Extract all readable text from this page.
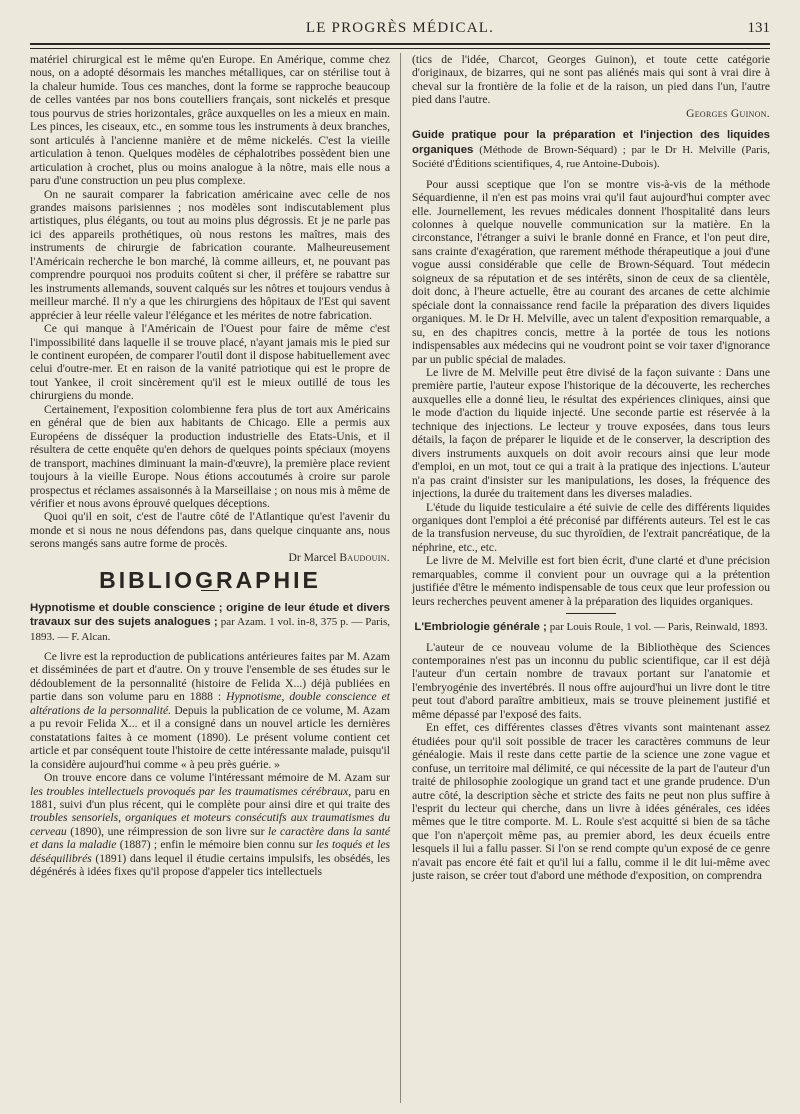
LE PROGRÈS MÉDICAL.	131

matériel chirurgical est le même qu'en Europe. En Amérique, comme chez nous, on a adopté désormais les manches métalliques, car on stérilise tout à la chaleur humide. Tous ces manches, dont la forme se rapproche beaucoup de celles vantées par nos bons coutelliers français, sont nickelés et presque tous pourvus de stries horizontales, grâce auxquelles on les a mieux en main. Les pinces, les ciseaux, etc., en somme tous les instruments à deux branches, sont articulés à l'ancienne manière et de même nickelés. C'est la vieille articulation à tenon. Quelques modèles de céphalotribes possèdent bien une articulation à crochet, plus ou moins analogue à la nôtre, mais elle nous a paru d'une construction un peu plus complexe.

On ne saurait comparer la fabrication américaine avec celle de nos grandes maisons parisiennes ; nos modèles sont indiscutablement plus artistiques, plus élégants, ou tout au moins plus dégrossis. Et je ne parle pas ici des appareils prothétiques, où nous restons les maîtres, mais des instruments de chirurgie de fabrication courante. Malheureusement l'Américain recherche le bon marché, là comme ailleurs, et, ne pouvant pas comprendre pourquoi nos produits coûtent si cher, il préfère se rabattre sur les instruments allemands, souvent calqués sur les nôtres et toujours vendus à meilleur marché. Il n'y a que les chirurgiens des hôpitaux de l'Est qui savent apprécier à leur réelle valeur l'élégance et les mérites de notre fabrication.

Ce qui manque à l'Américain de l'Ouest pour faire de même c'est l'impossibilité dans laquelle il se trouve placé, n'ayant jamais mis le pied sur le continent européen, de comparer l'outil dont il dispose habituellement avec celui d'outre-mer. Et en raison de la vanité patriotique qui est le propre de tout Yankee, il croit sincèrement qu'il est le mieux outillé de tous les chirurgiens du monde.

Certainement, l'exposition colombienne fera plus de tort aux Américains en général que de bien aux habitants de Chicago. Elle a permis aux Européens de disséquer la production industrielle des Etats-Unis, et il résultera de cette enquête qu'en dehors de quelques points spéciaux (moyens de transport, machines diminuant la main-d'œuvre), la première place revient toujours à la vieille Europe. Nous étions accoutumés à croire sur parole prospectus et réclames assaisonnés à la Marseillaise ; on nous mis à même de vérifier et nous avons éprouvé quelques déceptions.

Quoi qu'il en soit, c'est de l'autre côté de l'Atlantique qu'est l'avenir du monde et si nous ne nous défendons pas, dans quelque cinquante ans, nous serons mangés sans autre forme de procès.

Dr Marcel Baudouin.

BIBLIOGRAPHIE
Hypnotisme et double conscience ; origine de leur étude et divers travaux sur des sujets analogues ; par Azam. 1 vol. in-8, 375 p. — Paris, 1893. — F. Alcan.

Ce livre est la reproduction de publications antérieures faites par M. Azam et disséminées de part et d'autre. On y trouve l'ensemble de ses études sur le dédoublement de la personnalité (histoire de Felida X...) déjà publiées en partie dans son volume paru en 1888 : Hypnotisme, double conscience et altérations de la personnalité. Depuis la publication de ce volume, M. Azam a pu revoir Felida X... et il a consigné dans un nouvel article les dernières constatations faites à ce moment (1890). Le présent volume contient cet article et par conséquent toute l'histoire de cette intéressante malade, puisqu'il la considère aujourd'hui comme « à peu près guérie. »

On trouve encore dans ce volume l'intéressant mémoire de M. Azam sur les troubles intellectuels provoqués par les traumatismes cérébraux, paru en 1881, suivi d'un plus récent, qui le complète pour ainsi dire et qui traite des troubles sensoriels, organiques et moteurs consécutifs aux traumatismes du cerveau (1890), une réimpression de son livre sur le caractère dans la santé et dans la maladie (1887) ; enfin le mémoire bien connu sur les toqués et les déséquilibrés (1891) dans lequel il étudie certains impulsifs, les obsédés, les dégénérés à idées fixes qu'il propose d'appeler tics intellectuels

(tics de l'idée, Charcot, Georges Guinon), et toute cette catégorie d'originaux, de bizarres, qui ne sont pas aliénés mais qui sont à vrai dire à cheval sur la frontière de la folie et de la raison, un pied dans l'un, l'autre pied dans l'autre.

Georges Guinon.

Guide pratique pour la préparation et l'injection des liquides organiques (Méthode de Brown-Séquard) ; par le Dr H. Melville (Paris, Société d'Éditions scientifiques, 4, rue Antoine-Dubois).

Pour aussi sceptique que l'on se montre vis-à-vis de la méthode Séquardienne, il n'en est pas moins vrai qu'il faut aujourd'hui compter avec elle. Journellement, les revues médicales donnent l'hospitalité dans leurs colonnes à quelque nouvelle communication sur la matière. En la circonstance, l'étranger a suivi le branle donné en France, et l'on peut dire, sans crainte d'exagération, que rarement méthode thérapeutique a joui d'une vogue aussi considérable que celle de Brown-Séquard. Tout médecin soigneux de sa réputation et de ses intérêts, sinon de ceux de sa clientèle, doit donc, à l'heure actuelle, être au courant des arcanes de cette alchimie spéciale dont la connaissance rend facile la préparation des divers liquides organiques. M. le Dr H. Melville, avec un talent d'exposition remarquable, a su, en des chapitres concis, mettre à la portée de tous les notions indispensables aux médecins qui ne voudront point se voir taxer d'ignorance par un public spécial de malades.

Le livre de M. Melville peut être divisé de la façon suivante : Dans une première partie, l'auteur expose l'historique de la découverte, les recherches auxquelles elle a donné lieu, le résultat des expériences cliniques, ainsi que le mode d'action du liquide injecté. Une seconde partie est réservée à la technique des injections. Le lecteur y trouve exposées, dans tous leurs détails, la façon de préparer le liquide et de le conserver, la description des divers instruments auxquels on doit avoir recours ainsi que leur mode d'emploi, en un mot, tout ce qui a trait à la pratique des injections. L'auteur n'a pas craint d'insister sur les manipulations, les doses, la fréquence des injections, la durée du traitement dans les diverses maladies.

L'étude du liquide testiculaire a été suivie de celle des différents liquides organiques dont l'emploi a été préconisé par différents auteurs. Tel est le cas de la transfusion nerveuse, du suc thyroïdien, de l'extrait pancréatique, de la néphrine, etc., etc.

Le livre de M. Melville est fort bien écrit, d'une clarté et d'une précision remarquables, comme il convient pour un ouvrage qui a la prétention justifiée d'être le mémento indispensable de tous ceux que leur profession ou leurs recherches peuvent amener à la préparation des liquides organiques.

L'Embriologie générale ; par Louis Roule, 1 vol. — Paris, Reinwald, 1893.

L'auteur de ce nouveau volume de la Bibliothèque des Sciences contemporaines n'est pas un inconnu du public scientifique, car il est déjà l'auteur d'un certain nombre de travaux portant sur l'anatomie et l'embryogénie des invertébrés. Il nous offre aujourd'hui un livre dont le titre peut tout d'abord paraître ambitieux, mais se trouve pleinement justifié et même dépassé par l'exposé des faits.

En effet, ces différentes classes d'êtres vivants sont maintenant assez étudiées pour qu'il soit possible de tracer les caractères communs de leur généalogie. Mais il reste dans cette partie de la science une zone vague et confuse, un territoire mal délimité, ce qui nécessite de la part de l'auteur d'un traité de philosophie zoologique un grand tact et une grande prudence. D'un autre côté, la description sèche et stricte des faits ne peut non plus suffire à l'esprit du lecteur qui cherche, dans un livre à idées générales, ces idées mêmes que le titre comporte. M. L. Roule s'est acquitté si bien de sa tâche que l'on n'aperçoit même pas, au premier abord, les deux écueils entre lesquels il lui a fallu passer. Si l'on se rend compte qu'un exposé de ce genre n'avait pas encore été fait et qu'il lui a fallu, comme il le dit lui-même avec juste raison, se créer tout d'abord une méthode d'exposition, on comprendra
